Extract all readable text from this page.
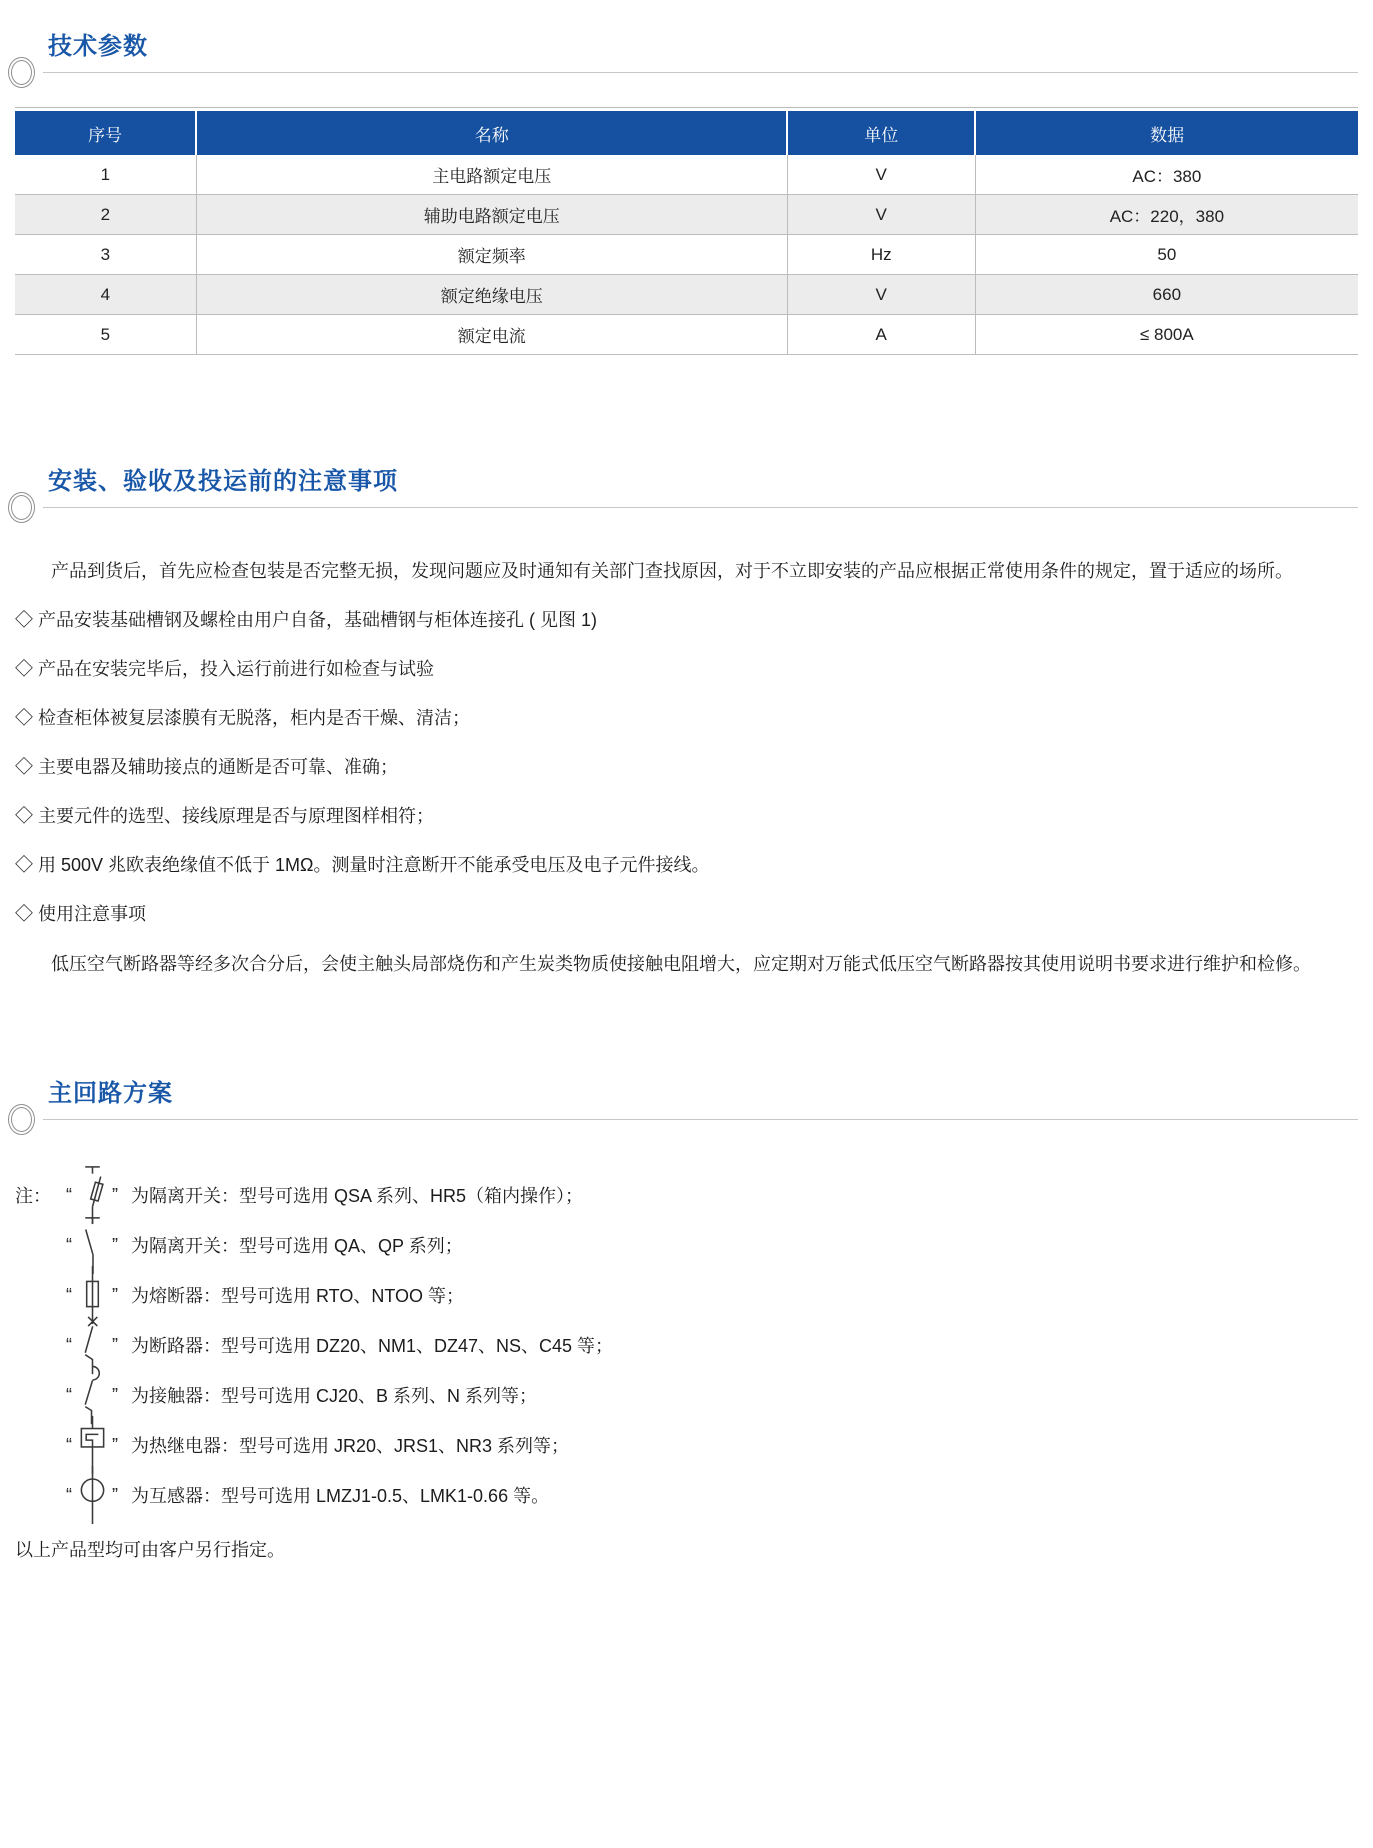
技术参数
序号	名称	单位	数据
1	主电路额定电压	V	AC：380
2	辅助电路额定电压	V	AC：220，380
3	额定频率	Hz	50
4	额定绝缘电压	V	660
5	额定电流	A	≤ 800A
安装、验收及投运前的注意事项

产品到货后，首先应检查包装是否完整无损，发现问题应及时通知有关部门查找原因，对于不立即安装的产品应根据正常使用条件的规定，置于适应的场所。

◇ 产品安装基础槽钢及螺栓由用户自备，基础槽钢与柜体连接孔 ( 见图 1)
◇ 产品在安装完毕后，投入运行前进行如检查与试验
◇ 检查柜体被复层漆膜有无脱落，柜内是否干燥、清洁；
◇ 主要电器及辅助接点的通断是否可靠、准确；
◇ 主要元件的选型、接线原理是否与原理图样相符；
◇ 用 500V 兆欧表绝缘值不低于 1MΩ。测量时注意断开不能承受电压及电子元件接线。
◇ 使用注意事项

低压空气断路器等经多次合分后，会使主触头局部烧伤和产生炭类物质使接触电阻增大，应定期对万能式低压空气断路器按其使用说明书要求进行维护和检修。

主回路方案
注： “ ” 为隔离开关：型号可选用 QSA 系列、HR5（箱内操作）；
“ ” 为隔离开关：型号可选用 QA、QP 系列；
“ ” 为熔断器：型号可选用 RTO、NTOO 等；
“ ” 为断路器：型号可选用 DZ20、NM1、DZ47、NS、C45 等；
“ ” 为接触器：型号可选用 CJ20、B 系列、N 系列等；
“ ” 为热继电器：型号可选用 JR20、JRS1、NR3 系列等；
“ ” 为互感器：型号可选用 LMZJ1-0.5、LMK1-0.66 等。
以上产品型均可由客户另行指定。
